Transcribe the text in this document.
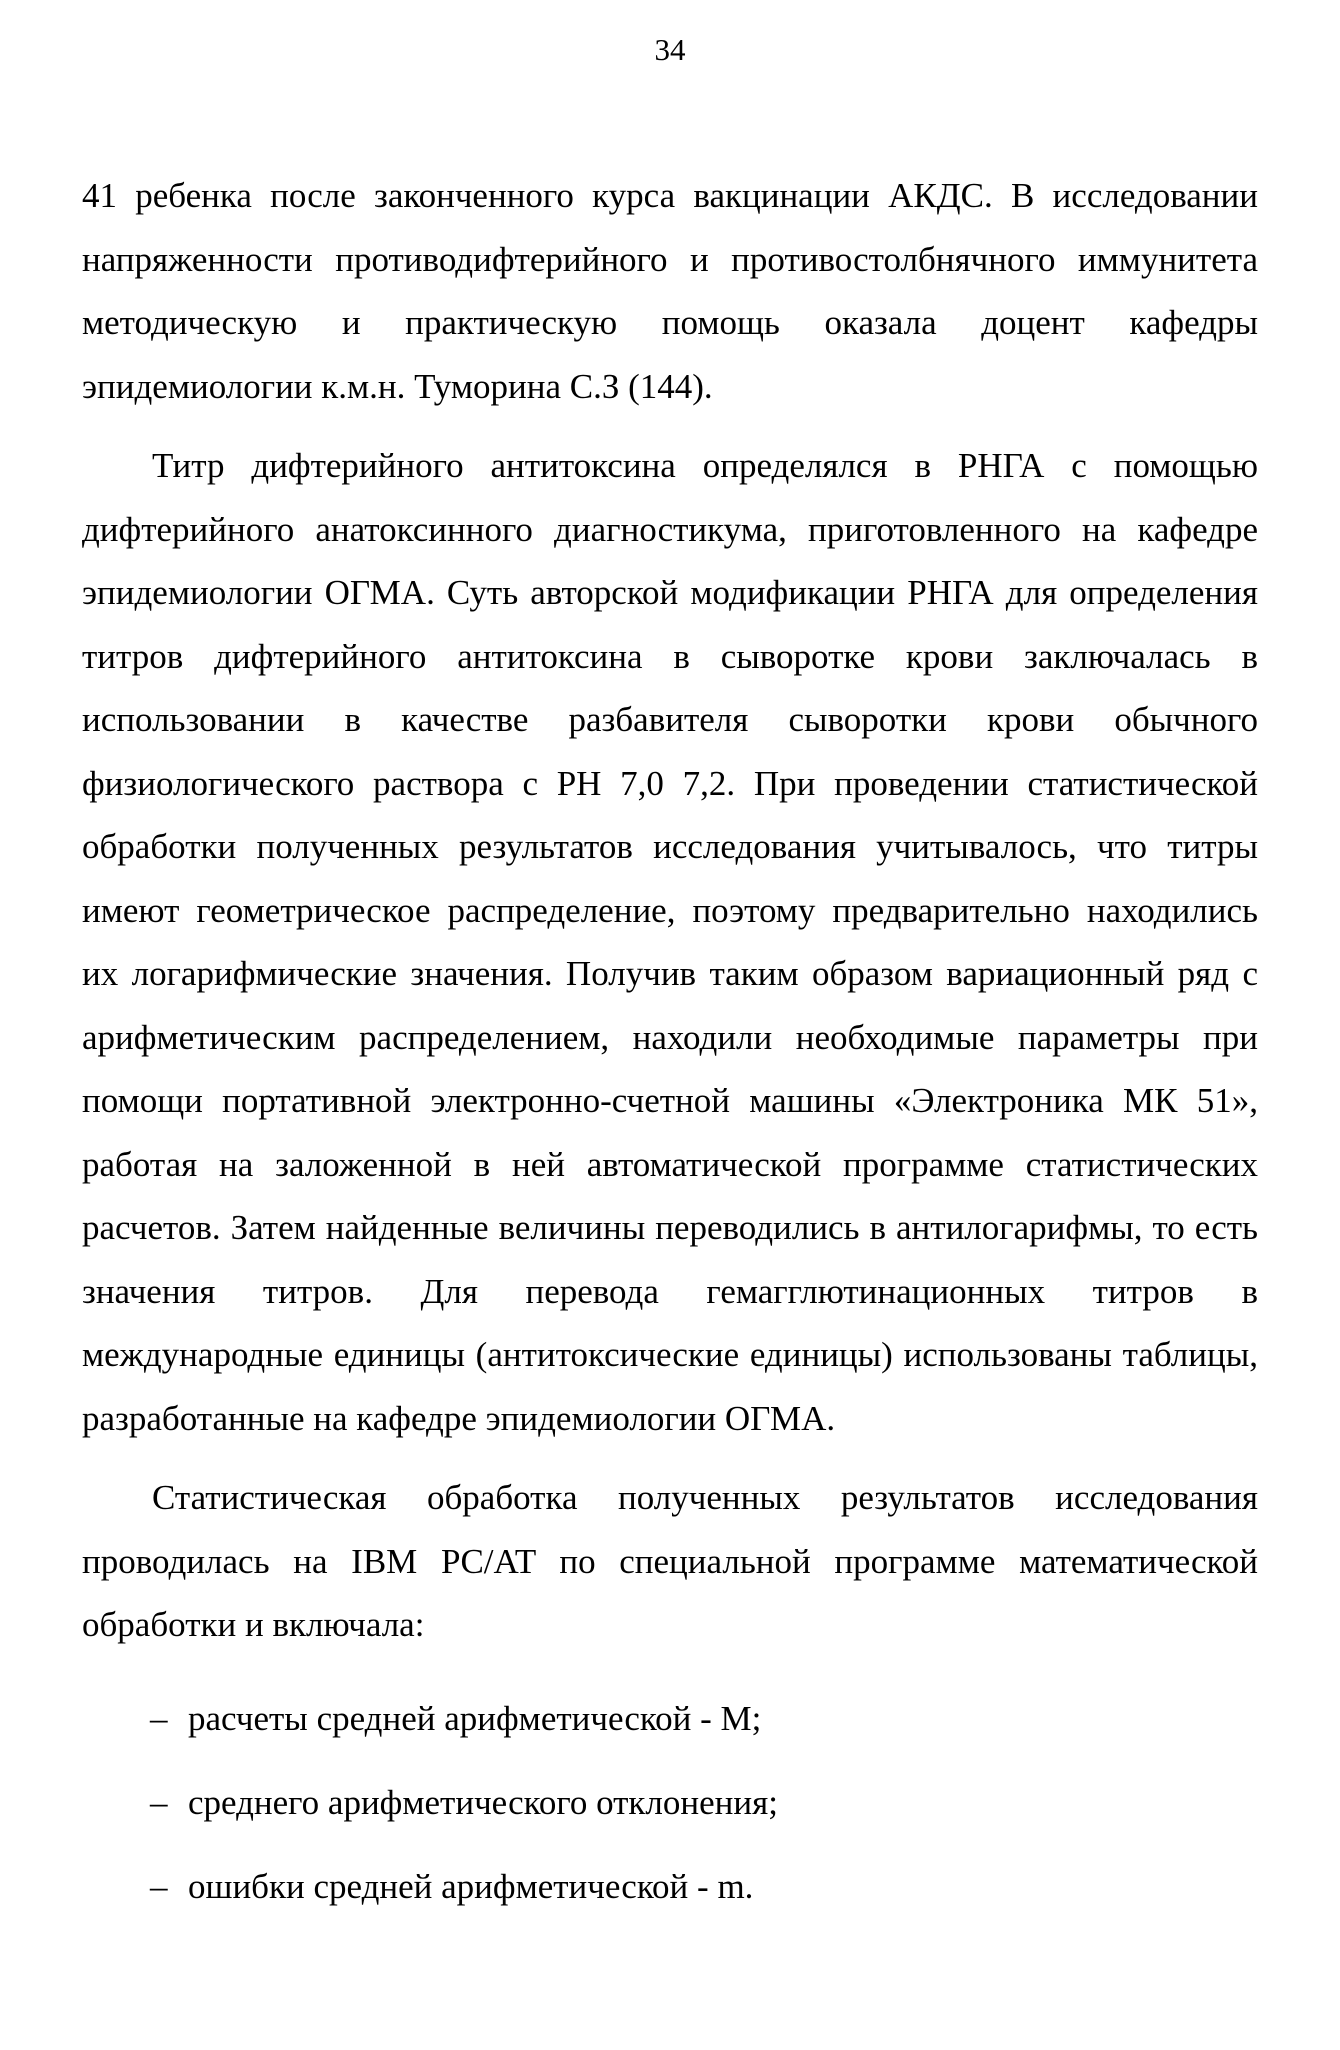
34

41 ребенка после законченного курса вакцинации АКДС. В исследовании напряженности противодифтерийного и противостолбнячного иммунитета методическую и практическую помощь оказала доцент кафедры эпидемиологии к.м.н. Туморина С.З (144).

Титр дифтерийного антитоксина определялся в РНГА с помощью дифтерийного анатоксинного диагностикума, приготовленного на кафедре эпидемиологии ОГМА. Суть авторской модификации РНГА для определения титров дифтерийного антитоксина в сыворотке крови заключалась в использовании в качестве разбавителя сыворотки крови обычного физиологического раствора с РН 7,0 7,2. При проведении статистической обработки полученных результатов исследования учитывалось, что титры имеют геометрическое распределение, поэтому предварительно находились их логарифмические значения. Получив таким образом вариационный ряд с арифметическим распределением, находили необходимые параметры при помощи портативной электронно-счетной машины «Электроника МК 51», работая на заложенной в ней автоматической программе статистических расчетов. Затем найденные величины переводились в антилогарифмы, то есть значения титров. Для перевода гемагглютинационных титров в международные единицы (антитоксические единицы) использованы таблицы, разработанные на кафедре эпидемиологии ОГМА.

Статистическая обработка полученных результатов исследования проводилась на IBM PC/AT по специальной программе математической обработки и включала:

– расчеты средней арифметической - М;
– среднего арифметического отклонения;
– ошибки средней арифметической - m.
